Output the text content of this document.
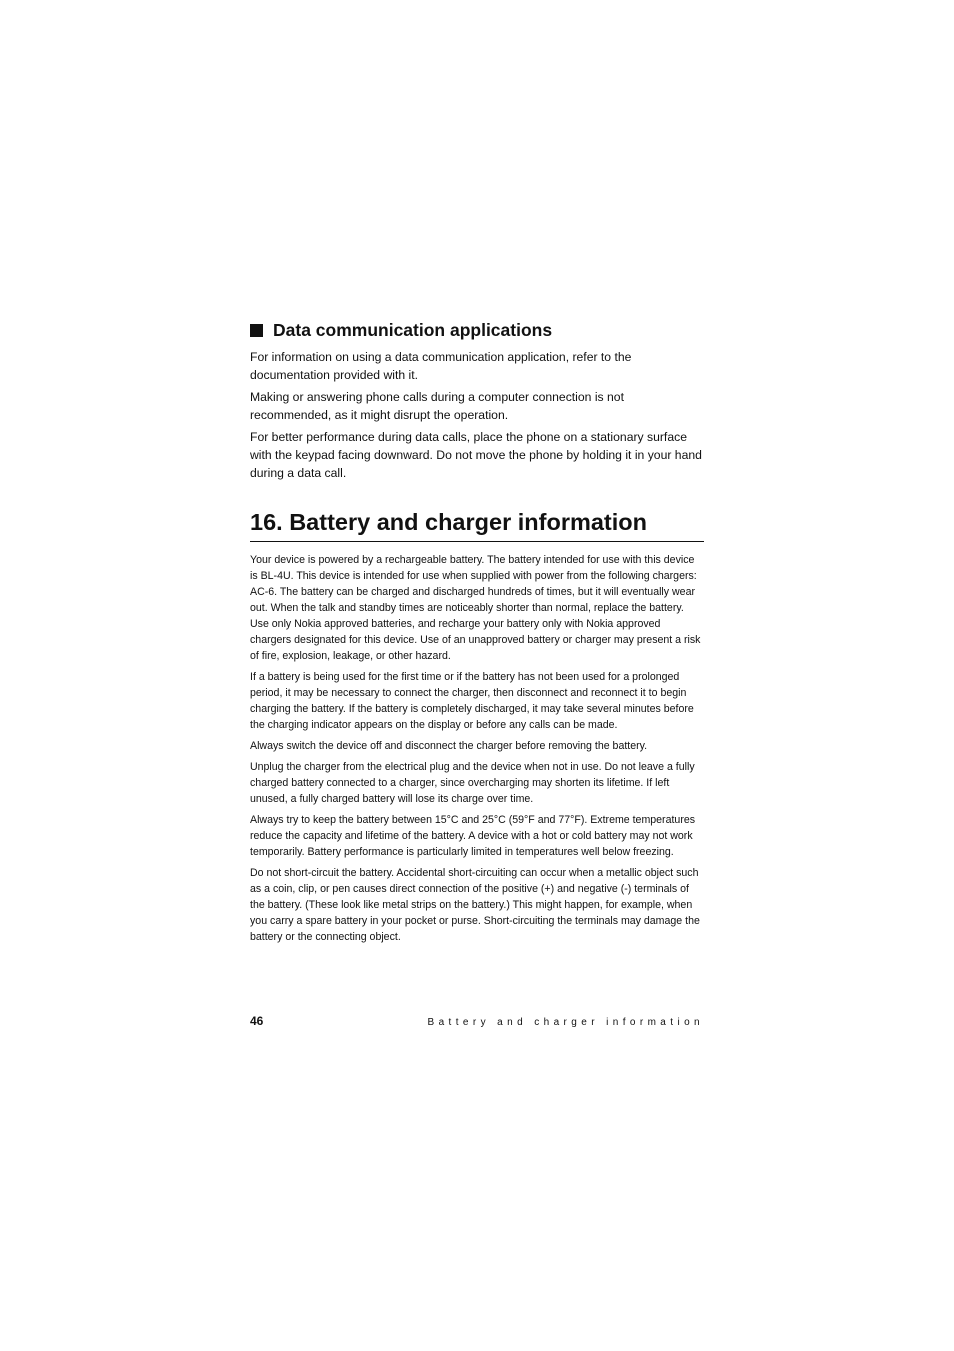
Data communication applications

For information on using a data communication application, refer to the documentation provided with it.

Making or answering phone calls during a computer connection is not recommended, as it might disrupt the operation.

For better performance during data calls, place the phone on a stationary surface with the keypad facing downward. Do not move the phone by holding it in your hand during a data call.

16. Battery and charger information

Your device is powered by a rechargeable battery. The battery intended for use with this device is BL-4U. This device is intended for use when supplied with power from the following chargers: AC-6. The battery can be charged and discharged hundreds of times, but it will eventually wear out. When the talk and standby times are noticeably shorter than normal, replace the battery. Use only Nokia approved batteries, and recharge your battery only with Nokia approved chargers designated for this device. Use of an unapproved battery or charger may present a risk of fire, explosion, leakage, or other hazard.

If a battery is being used for the first time or if the battery has not been used for a prolonged period, it may be necessary to connect the charger, then disconnect and reconnect it to begin charging the battery. If the battery is completely discharged, it may take several minutes before the charging indicator appears on the display or before any calls can be made.

Always switch the device off and disconnect the charger before removing the battery.

Unplug the charger from the electrical plug and the device when not in use. Do not leave a fully charged battery connected to a charger, since overcharging may shorten its lifetime. If left unused, a fully charged battery will lose its charge over time.

Always try to keep the battery between 15°C and 25°C (59°F and 77°F). Extreme temperatures reduce the capacity and lifetime of the battery. A device with a hot or cold battery may not work temporarily. Battery performance is particularly limited in temperatures well below freezing.

Do not short-circuit the battery. Accidental short-circuiting can occur when a metallic object such as a coin, clip, or pen causes direct connection of the positive (+) and negative (-) terminals of the battery. (These look like metal strips on the battery.) This might happen, for example, when you carry a spare battery in your pocket or purse. Short-circuiting the terminals may damage the battery or the connecting object.

46	Battery and charger information
